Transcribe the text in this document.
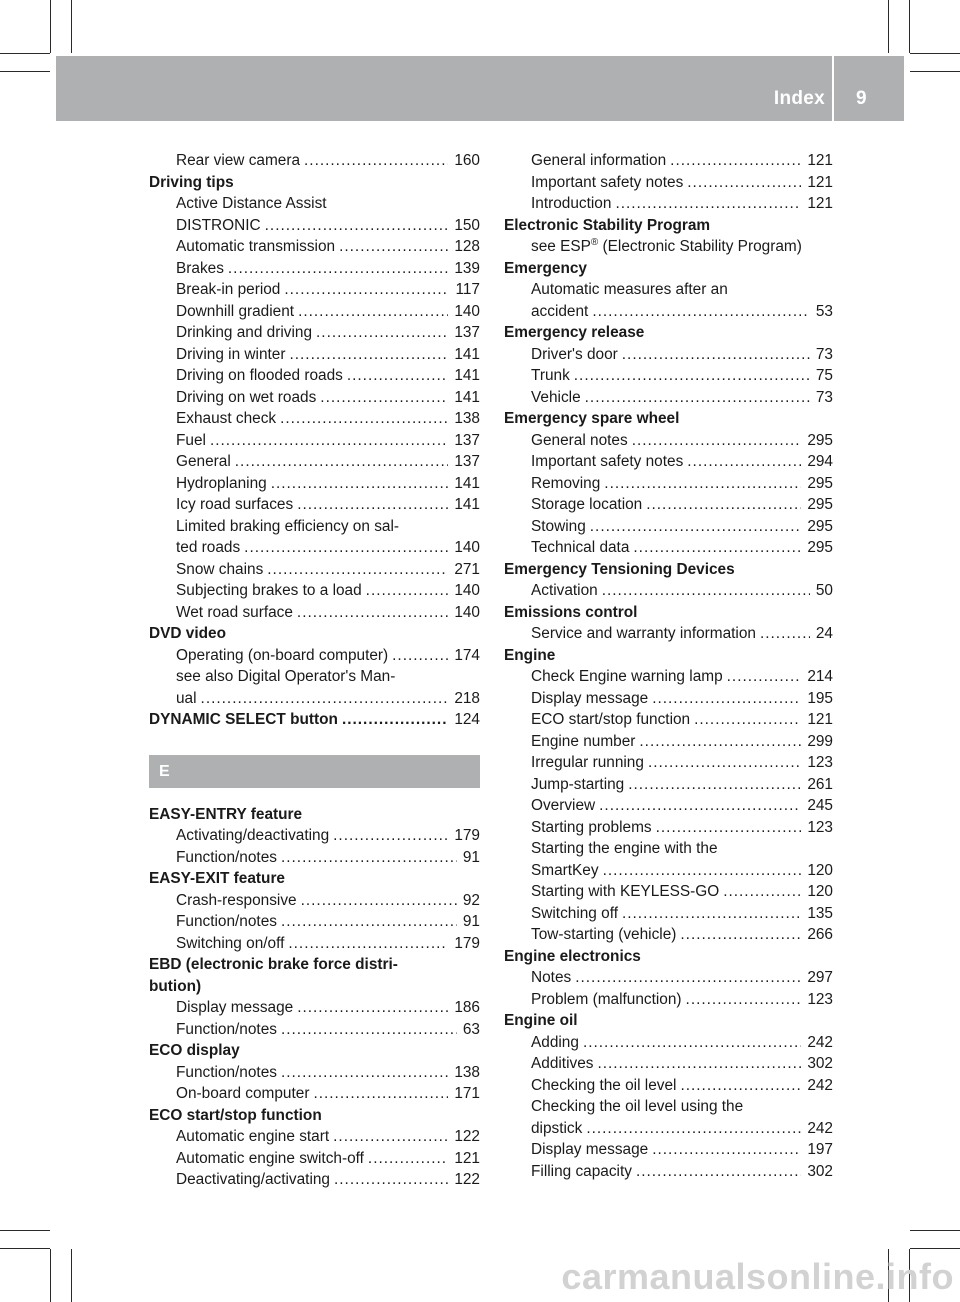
Index 9
Rear view camera .....	160
Driving tips
Active Distance Assist
DISTRONIC .....	150
Automatic transmission .....	128
Brakes .....	139
Break-in period .....	117
Downhill gradient .....	140
Drinking and driving .....	137
Driving in winter .....	141
Driving on flooded roads .....	141
Driving on wet roads .....	141
Exhaust check .....	138
Fuel .....	137
General .....	137
Hydroplaning .....	141
Icy road surfaces .....	141
Limited braking efficiency on sal-
ted roads .....	140
Snow chains .....	271
Subjecting brakes to a load .....	140
Wet road surface .....	140
DVD video
Operating (on-board computer) .....	174
see also Digital Operator's Man-
ual .....	218
DYNAMIC SELECT button .....	124
E
EASY-ENTRY feature
Activating/deactivating .....	179
Function/notes .....	91
EASY-EXIT feature
Crash-responsive .....	92
Function/notes .....	91
Switching on/off .....	179
EBD (electronic brake force distri-
bution)
Display message .....	186
Function/notes .....	63
ECO display
Function/notes .....	138
On-board computer .....	171
ECO start/stop function
Automatic engine start .....	122
Automatic engine switch-off .....	121
Deactivating/activating .....	122
General information .....	121
Important safety notes .....	121
Introduction .....	121
Electronic Stability Program
see ESP® (Electronic Stability Program)
Emergency
Automatic measures after an
accident .....	53
Emergency release
Driver's door .....	73
Trunk .....	75
Vehicle .....	73
Emergency spare wheel
General notes .....	295
Important safety notes .....	294
Removing .....	295
Storage location .....	295
Stowing .....	295
Technical data .....	295
Emergency Tensioning Devices
Activation .....	50
Emissions control
Service and warranty information .....	24
Engine
Check Engine warning lamp .....	214
Display message .....	195
ECO start/stop function .....	121
Engine number .....	299
Irregular running .....	123
Jump-starting .....	261
Overview .....	245
Starting problems .....	123
Starting the engine with the
SmartKey .....	120
Starting with KEYLESS-GO .....	120
Switching off .....	135
Tow-starting (vehicle) .....	266
Engine electronics
Notes .....	297
Problem (malfunction) .....	123
Engine oil
Adding .....	242
Additives .....	302
Checking the oil level .....	242
Checking the oil level using the
dipstick .....	242
Display message .....	197
Filling capacity .....	302
carmanualsonline.info
